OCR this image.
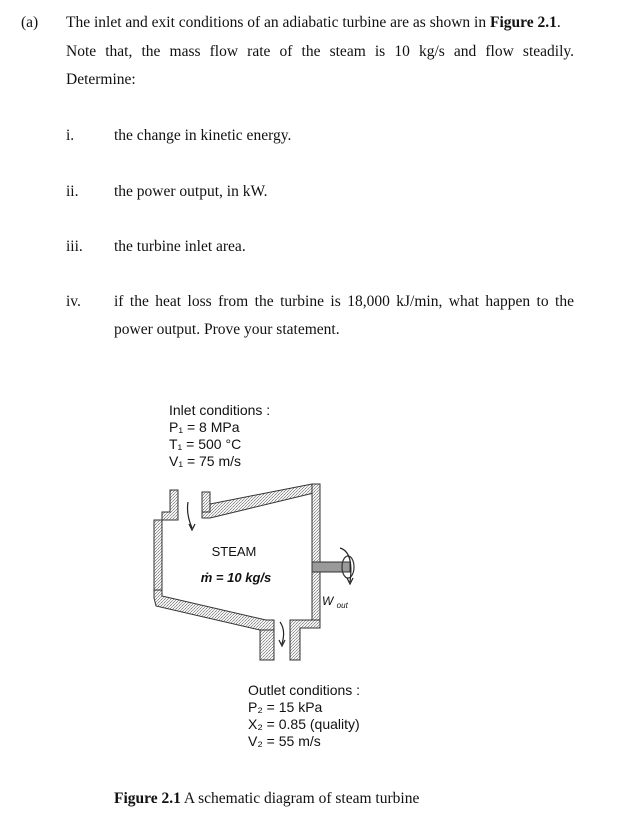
(a) The inlet and exit conditions of an adiabatic turbine are as shown in Figure 2.1.
Note that, the mass flow rate of the steam is 10 kg/s and flow steadily.
Determine:
i.	the change in kinetic energy.
ii. the power output, in kW.
iii. the turbine inlet area.
iv. if the heat loss from the turbine is 18,000 kJ/min, what happen to the
power output. Prove your statement.
Inlet conditions :
P₁ = 8 MPa
T₁ = 500 °C
V₁ = 75 m/s
STEAM
ṁ = 10 kg/s
W $_{out}$
Outlet conditions :
P₂ = 15 kPa
X₂ = 0.85 (quality)
V₂ = 55 m/s
Figure 2.1 A schematic diagram of steam turbine
